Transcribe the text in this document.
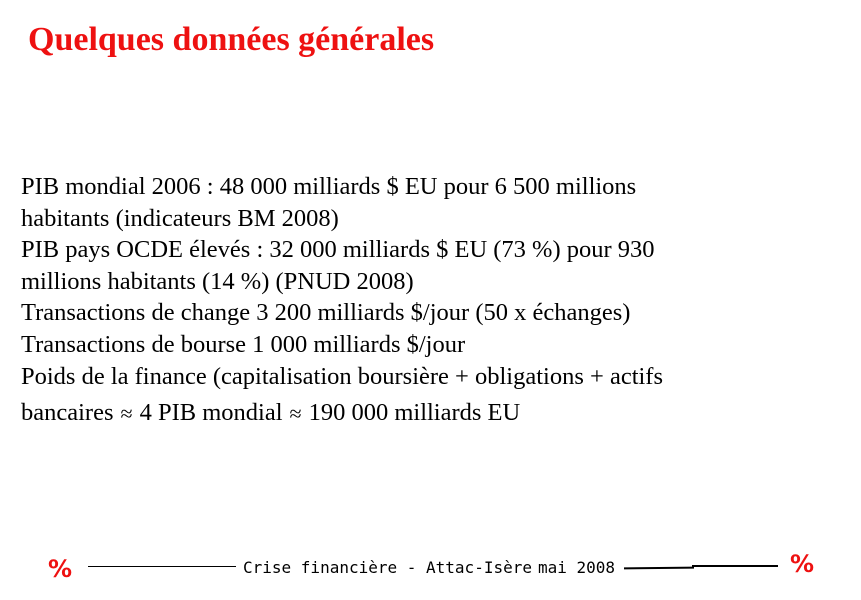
Quelques données générales
PIB mondial 2006 : 48 000 milliards $ EU pour 6 500 millions
habitants (indicateurs BM 2008)
PIB pays OCDE élevés : 32 000 milliards $ EU (73 %) pour 930
millions habitants (14 %) (PNUD 2008)
Transactions de change 3 200 milliards $/jour (50 x échanges)
Transactions de bourse 1 000 milliards $/jour
Poids de la finance (capitalisation boursière + obligations + actifs
bancaires ≈ 4 PIB mondial ≈ 190 000 milliards EU
%	Crise financière - Attac-Isère mai 2008	%
